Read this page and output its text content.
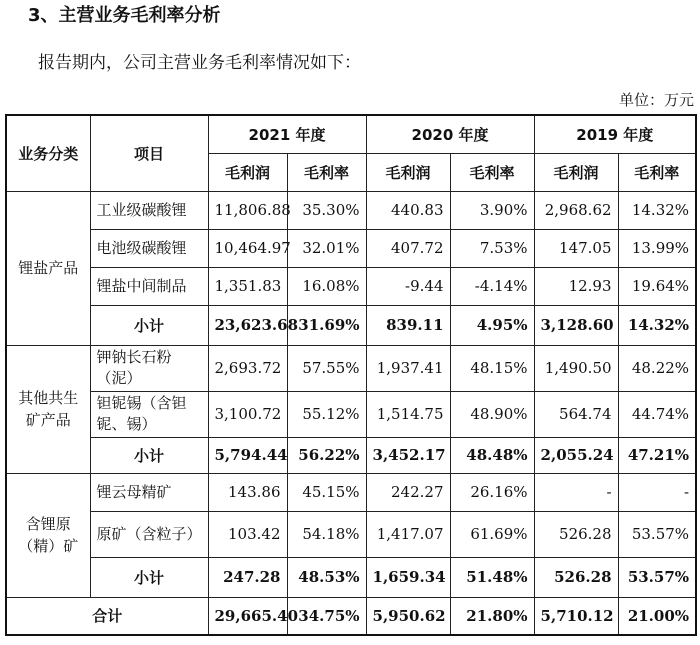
3、主营业务毛利率分析
报告期内，公司主营业务毛利率情况如下：
单位：万元
业务分类	项目	2021 年度		2020 年度		2019 年度	
		毛利润	毛利率	毛利润	毛利率	毛利润	毛利率
锂盐产品	工业级碳酸锂	11,806.88	35.30%	440.83	3.90%	2,968.62	14.32%
	电池级碳酸锂	10,464.97	32.01%	407.72	7.53%	147.05	13.99%
	锂盐中间制品	1,351.83	16.08%	-9.44	-4.14%	12.93	19.64%
	小计	23,623.68	31.69%	839.11	4.95%	3,128.60	14.32%
其他共生矿产品	钾钠长石粉（泥）	2,693.72	57.55%	1,937.41	48.15%	1,490.50	48.22%
	钽铌锡（含钽铌、锡）	3,100.72	55.12%	1,514.75	48.90%	564.74	44.74%
	小计	5,794.44	56.22%	3,452.17	48.48%	2,055.24	47.21%
含锂原（精）矿	锂云母精矿	143.86	45.15%	242.27	26.16%	-	-
	原矿（含粒子）	103.42	54.18%	1,417.07	61.69%	526.28	53.57%
	小计	247.28	48.53%	1,659.34	51.48%	526.28	53.57%
合计		29,665.40	34.75%	5,950.62	21.80%	5,710.12	21.00%
